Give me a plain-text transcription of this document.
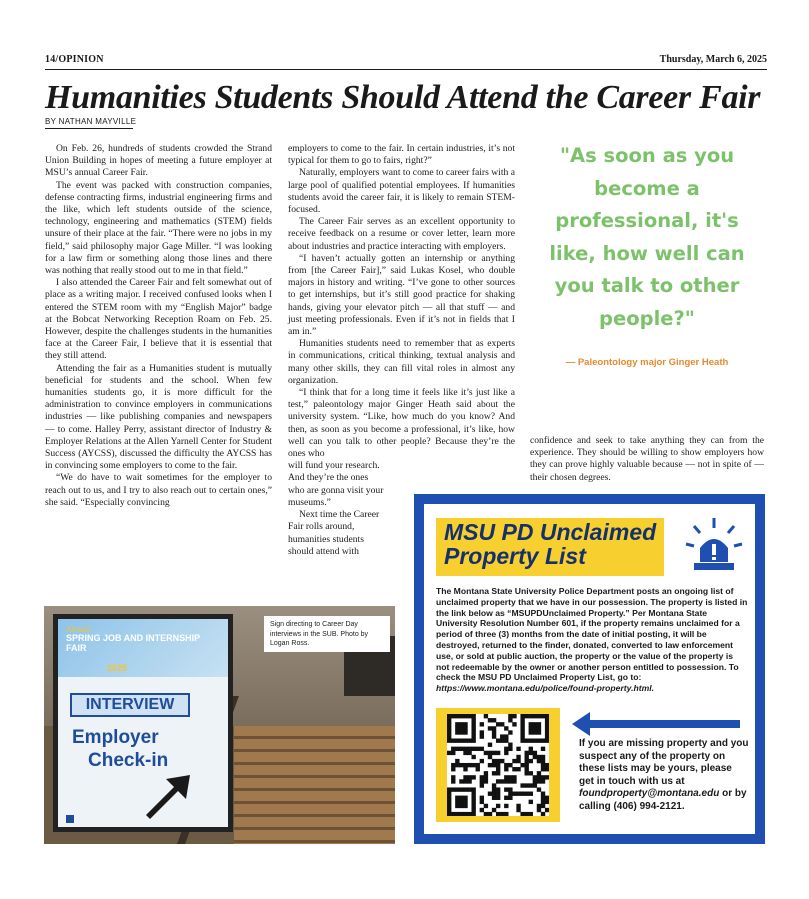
14/OPINION	Thursday, March 6, 2025
Humanities Students Should Attend the Career Fair
BY NATHAN MAYVILLE

On Feb. 26, hundreds of students crowded the Strand Union Building in hopes of meeting a future employer at MSU’s annual Career Fair.

The event was packed with construction companies, defense contracting firms, industrial engineering firms and the like, which left students outside of the science, technology, engineering and mathematics (STEM) fields unsure of their place at the fair. “There were no jobs in my field,” said philosophy major Gage Miller. “I was looking for a law firm or something along those lines and there was nothing that really stood out to me in that field.”

I also attended the Career Fair and felt somewhat out of place as a writing major. I received confused looks when I entered the STEM room with my “English Major” badge at the Bobcat Networking Reception Roam on Feb. 25. However, despite the challenges students in the humanities face at the Career Fair, I believe that it is essential that they still attend.

Attending the fair as a Humanities student is mutually beneficial for students and the school. When few humanities students go, it is more difficult for the administration to convince employers in communications industries — like publishing companies and newspapers — to come. Halley Perry, assistant director of Industry & Employer Relations at the Allen Yarnell Center for Student Success (AYCSS), discussed the difficulty the AYCSS has in convincing some employers to come to the fair.

“We do have to wait sometimes for the employer to reach out to us, and I try to also reach out to certain ones,” she said. “Especially convincing

employers to come to the fair. In certain industries, it’s not typical for them to go to fairs, right?”

Naturally, employers want to come to career fairs with a large pool of qualified potential employees. If humanities students avoid the career fair, it is likely to remain STEM-focused.

The Career Fair serves as an excellent opportunity to receive feedback on a resume or cover letter, learn more about industries and practice interacting with employers.

“I haven’t actually gotten an internship or anything from [the Career Fair],” said Lukas Kosel, who double majors in history and writing. “I’ve gone to other sources to get internships, but it’s still good practice for shaking hands, giving your elevator pitch — all that stuff — and just meeting professionals. Even if it’s not in fields that I am in.”

Humanities students need to remember that as experts in communications, critical thinking, textual analysis and many other skills, they can fill vital roles in almost any organization.

“I think that for a long time it feels like it’s just like a test,” paleontology major Ginger Heath said about the university system. “Like, how much do you know? And then, as soon as you become a professional, it’s like, how well can you talk to other people? Because they’re the ones who

will fund your research. And they’re the ones who are gonna visit your museums.”

Next time the Career Fair rolls around, humanities students should attend with

"As soon as you become a professional, it's like, how well can you talk to other people?"
— Paleontology major Ginger Heath

confidence and seek to take anything they can from the experience. They should be willing to show employers how they can prove highly valuable because — not in spite of — their chosen degrees.

Almost
SPRING JOB AND INTERNSHIP FAIR
2025
INTERVIEW
Employer
Check-in
Sign directing to Career Day interviews in the SUB. Photo by Logan Ross.
MSU PD Unclaimed Property List
The Montana State University Police Department posts an ongoing list of unclaimed property that we have in our possession. The property is listed in the link below as “MSUPDUnclaimed Property.” Per Montana State University Resolution Number 601, if the property remains unclaimed for a period of three (3) months from the date of initial posting, it will be destroyed, returned to the finder, donated, converted to law enforcement use, or sold at public auction, the property or the value of the property is not redeemable by the owner or another person entitled to possession. To check the MSU PD Unclaimed Property List, go to: https://www.montana.edu/police/found-property.html.
If you are missing property and you suspect any of the property on these lists may be yours, please get in touch with us at foundproperty@montana.edu or by calling (406) 994-2121.
